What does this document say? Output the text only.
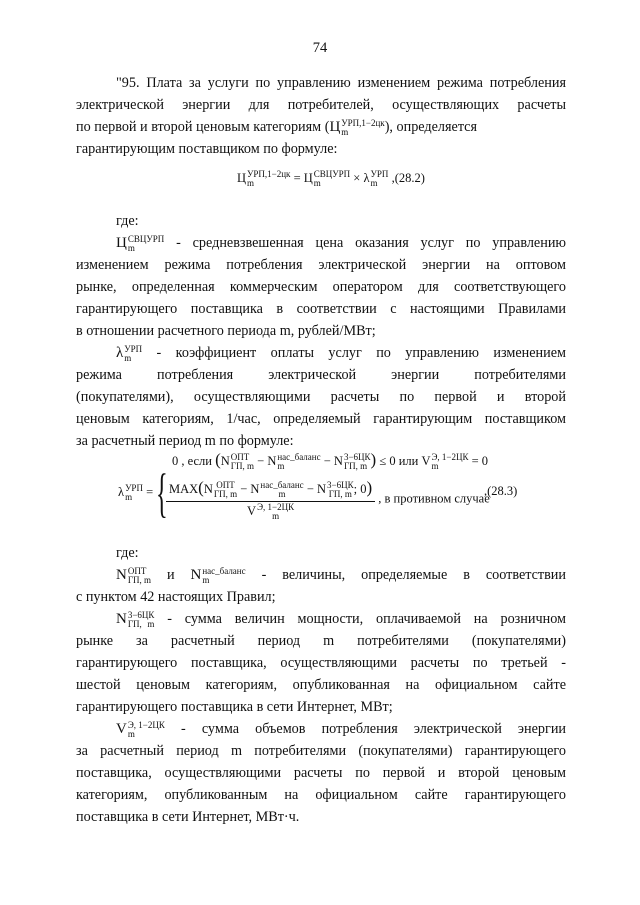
74
"95. Плата за услуги по управлению изменением режима потребления
электрической энергии для потребителей, осуществляющих расчеты
по первой и второй ценовым категориям (Ц УРП,1−2цк
m	), определяется
гарантирующим поставщиком по формуле:
Ц УРП,1−2цк
m	= Ц СВЦУРП
m	× λ УРП
m	,(28.2)
где:
Ц СВЦУРП
m	- средневзвешенная цена оказания услуг по управлению
изменением режима потребления электрической энергии на оптовом
рынке, определенная коммерческим оператором для соответствующего
гарантирующего поставщика в соответствии с настоящими Правилами
в отношении расчетного периода m, рублей/МВт;
λ УРП
m	- коэффициент оплаты услуг по управлению изменением
режима потребления электрической энергии потребителями
(покупателями), осуществляющими расчеты по первой и второй
ценовым категориям, 1/час, определяемый гарантирующим поставщиком
за расчетный период m по формуле:
λ УРП
m	= {
0 , если (N ОПТ
ГП, m − N нас_баланс
m	− N 3−6ЦК
ГП, m ) ≤ 0 или V Э, 1−2ЦК
m	= 0
MAX(N ОПТ
ГП, m − N нас_баланс
m	− N 3−6ЦК
ГП, m ; 0)
V Э, 1−2ЦК
m
, в противном случае
,(28.3)
где:
N ОПТ
ГП, m и N нас_баланс
m	- величины, определяемые в соответствии
с пунктом 42 настоящих Правил;
N 3−6ЦК
ГП, m - сумма величин мощности, оплачиваемой на розничном
рынке за расчетный период m потребителями (покупателями)
гарантирующего поставщика, осуществляющими расчеты по третьей -
шестой ценовым категориям, опубликованная на официальном сайте
гарантирующего поставщика в сети Интернет, МВт;
V Э, 1−2ЦК
m	- сумма объемов потребления электрической энергии
за расчетный период m потребителями (покупателями) гарантирующего
поставщика, осуществляющими расчеты по первой и второй ценовым
категориям, опубликованным на официальном сайте гарантирующего
поставщика в сети Интернет, МВт·ч.
